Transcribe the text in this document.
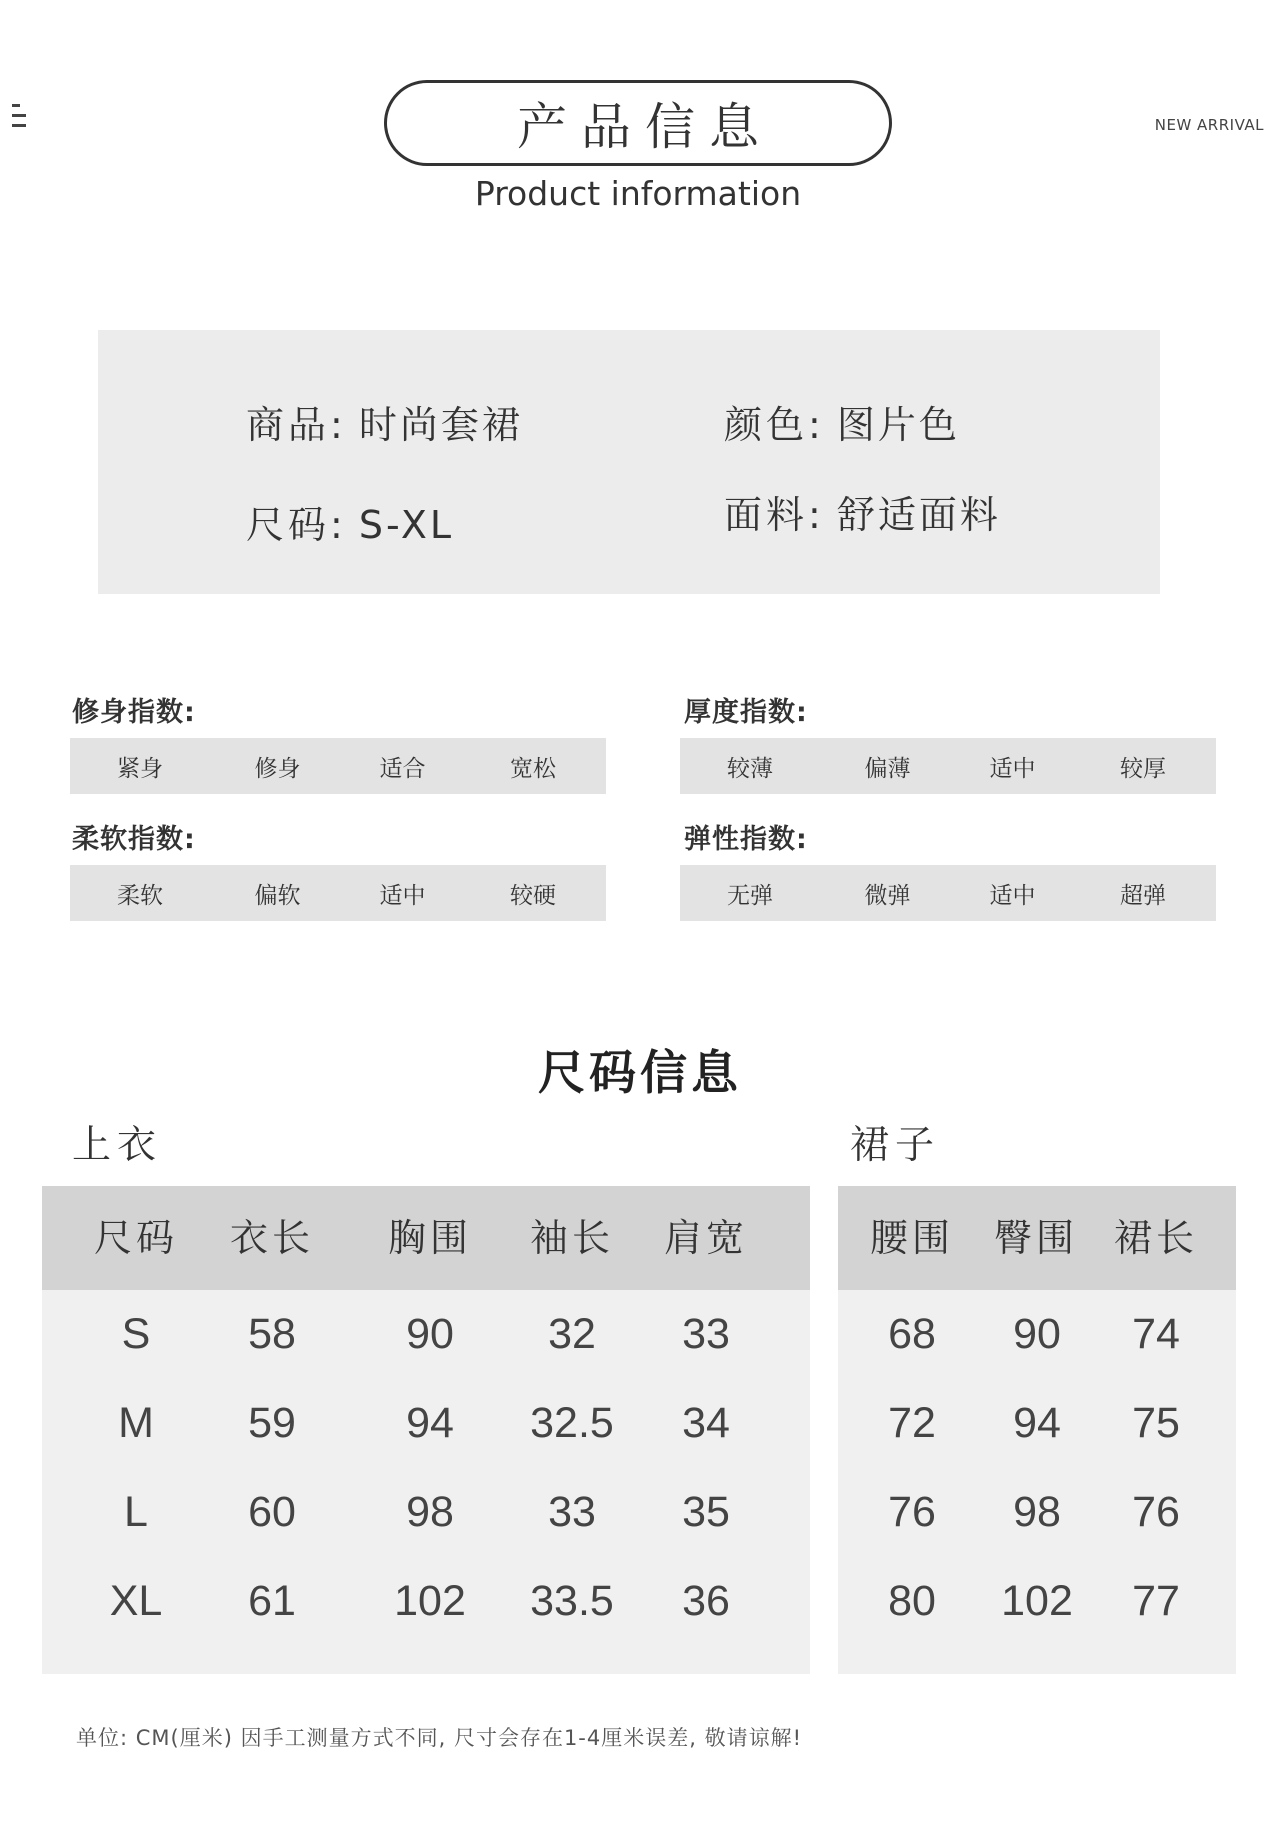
产品信息
Product information
NEW ARRIVAL
商品: 时尚套裙	颜色: 图片色
尺码: S-XL	面料: 舒适面料
修身指数:
紧身	修身	适合	宽松
厚度指数:
较薄	偏薄	适中	较厚
柔软指数:
柔软	偏软	适中	较硬
弹性指数:
无弹	微弹	适中	超弹
尺码信息
上衣	裙子
尺码 衣长 胸围 袖长 肩宽
S	58	90	32	33
M	59	94	32.5	34
L	60	98	33	35
XL	61	102	33.5	36
腰围 臀围 裙长
68	90	74
72	94	75
76	98	76
80	102	77
单位: CM(厘米) 因手工测量方式不同, 尺寸会存在1-4厘米误差, 敬请谅解!
